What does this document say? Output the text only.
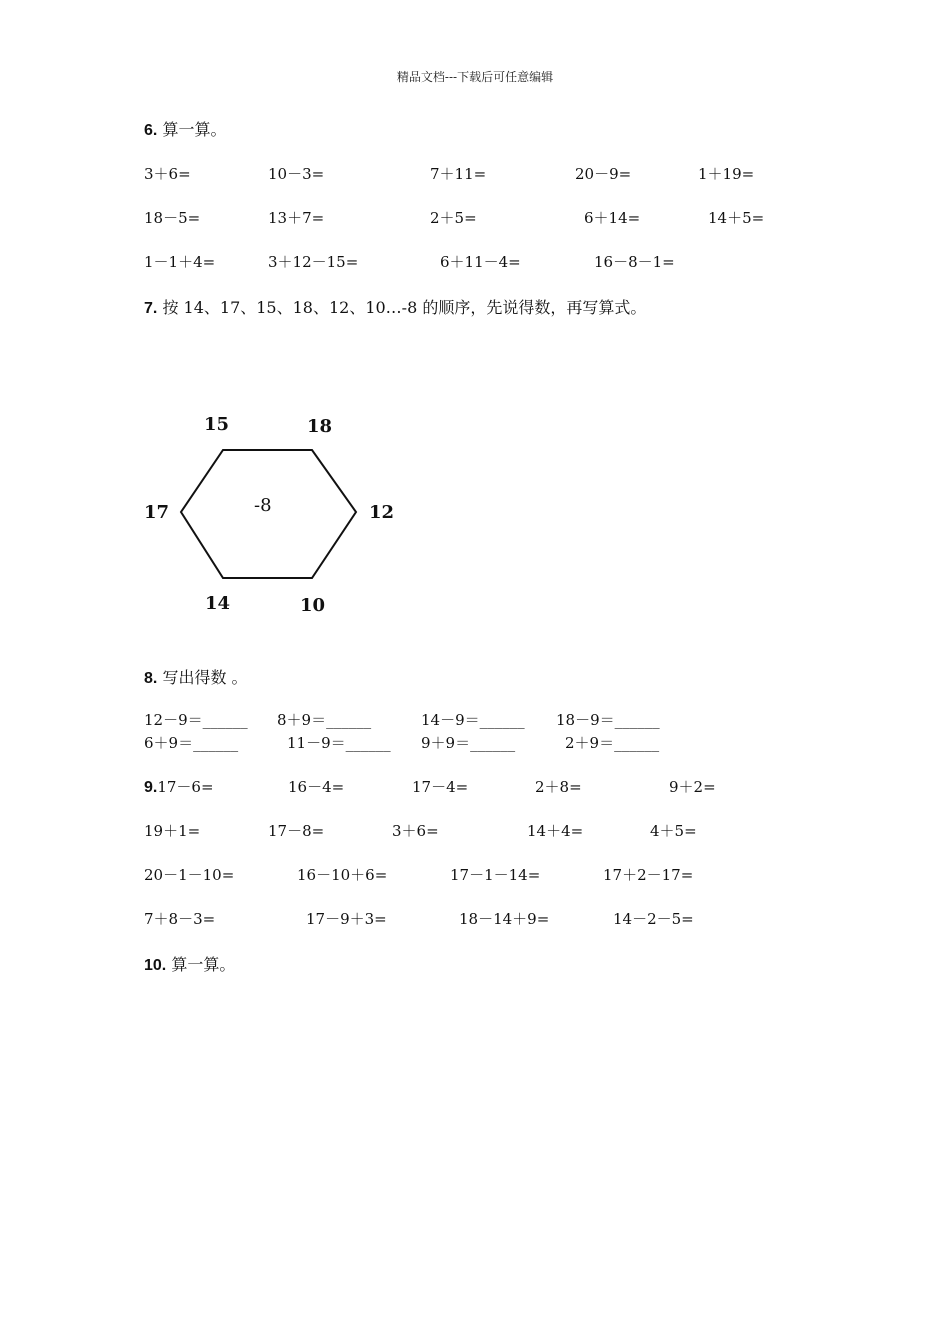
精品文档---下载后可任意编辑
6. 算一算。
3＋6=	10－3=	7＋11=	20－9=	1＋19=
18－5=	13＋7=	2＋5=	6＋14=	14＋5=
1－1＋4=	3＋12－15=	6＋11－4=	16－8－1=
7. 按 14、17、15、18、12、10…-8 的顺序，先说得数，再写算式。
15	18
17	12
14	10
-8
8. 写出得数 。
12－9＝______ 8＋9＝______	14－9＝______ 18－9＝______
6＋9＝______	11－9＝______ 9＋9＝______	2＋9＝______
9.17－6=	16－4=	17－4=	2＋8=	9＋2=
19＋1=	17－8=	3＋6=	14＋4=	4＋5=
20－1－10=	16－10＋6=	17－1－14=	17＋2－17=
7＋8－3=	17－9＋3=	18－14＋9=	14－2－5=
10. 算一算。
